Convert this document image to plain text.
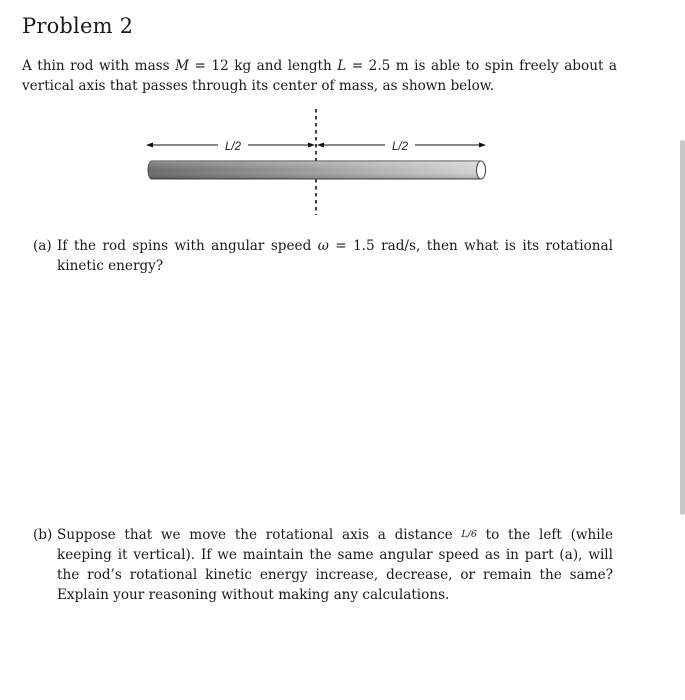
Problem 2

A thin rod with mass M = 12 kg and length L = 2.5 m is able to spin freely about a vertical axis that passes through its center of mass, as shown below.

L/2	L/2
(a) If the rod spins with angular speed ω = 1.5 rad/s, then what is its rotational kinetic energy?
(b) Suppose that we move the rotational axis a distance L/6 to the left (while keeping it vertical). If we maintain the same angular speed as in part (a), will the rod’s rotational kinetic energy increase, decrease, or remain the same? Explain your reasoning without making any calculations.
